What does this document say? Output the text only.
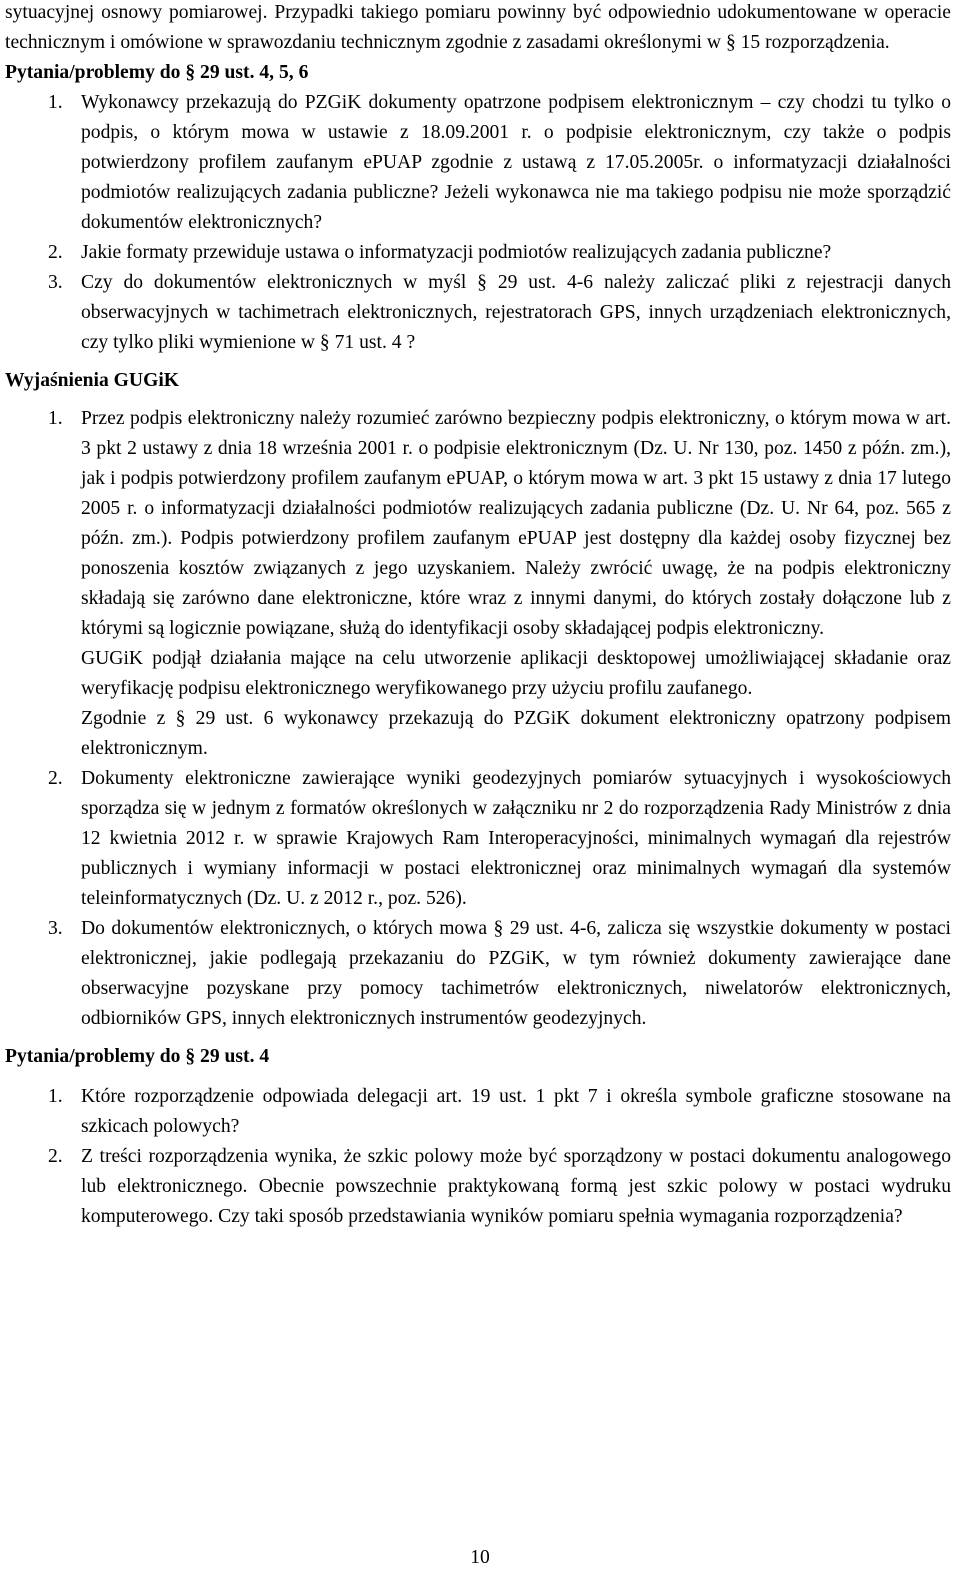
sytuacyjnej osnowy pomiarowej. Przypadki takiego pomiaru powinny być odpowiednio udokumentowane w operacie technicznym i omówione w sprawozdaniu technicznym zgodnie z zasadami określonymi w § 15 rozporządzenia.

Pytania/problemy do § 29 ust. 4, 5, 6

1. Wykonawcy przekazują do PZGiK dokumenty opatrzone podpisem elektronicznym – czy chodzi tu tylko o podpis, o którym mowa w ustawie z 18.09.2001 r. o podpisie elektronicznym, czy także o podpis potwierdzony profilem zaufanym ePUAP zgodnie z ustawą z 17.05.2005r. o informatyzacji działalności podmiotów realizujących zadania publiczne? Jeżeli wykonawca nie ma takiego podpisu nie może sporządzić dokumentów elektronicznych?
2. Jakie formaty przewiduje ustawa o informatyzacji podmiotów realizujących zadania publiczne?
3. Czy do dokumentów elektronicznych w myśl § 29 ust. 4-6 należy zaliczać pliki z rejestracji danych obserwacyjnych w tachimetrach elektronicznych, rejestratorach GPS, innych urządzeniach elektronicznych, czy tylko pliki wymienione w § 71 ust. 4 ?

Wyjaśnienia GUGiK

1. Przez podpis elektroniczny należy rozumieć zarówno bezpieczny podpis elektroniczny, o którym mowa w art. 3 pkt 2 ustawy z dnia 18 września 2001 r. o podpisie elektronicznym (Dz. U. Nr 130, poz. 1450 z późn. zm.), jak i podpis potwierdzony profilem zaufanym ePUAP, o którym mowa w art. 3 pkt 15 ustawy z dnia 17 lutego 2005 r. o informatyzacji działalności podmiotów realizujących zadania publiczne (Dz. U. Nr 64, poz. 565 z późn. zm.). Podpis potwierdzony profilem zaufanym ePUAP jest dostępny dla każdej osoby fizycznej bez ponoszenia kosztów związanych z jego uzyskaniem. Należy zwrócić uwagę, że na podpis elektroniczny składają się zarówno dane elektroniczne, które wraz z innymi danymi, do których zostały dołączone lub z którymi są logicznie powiązane, służą do identyfikacji osoby składającej podpis elektroniczny.

GUGiK podjął działania mające na celu utworzenie aplikacji desktopowej umożliwiającej składanie oraz weryfikację podpisu elektronicznego weryfikowanego przy użyciu profilu zaufanego.

Zgodnie z § 29 ust. 6 wykonawcy przekazują do PZGiK dokument elektroniczny opatrzony podpisem elektronicznym.

2. Dokumenty elektroniczne zawierające wyniki geodezyjnych pomiarów sytuacyjnych i wysokościowych sporządza się w jednym z formatów określonych w załączniku nr 2 do rozporządzenia Rady Ministrów z dnia 12 kwietnia 2012 r. w sprawie Krajowych Ram Interoperacyjności, minimalnych wymagań dla rejestrów publicznych i wymiany informacji w postaci elektronicznej oraz minimalnych wymagań dla systemów teleinformatycznych (Dz. U. z 2012 r., poz. 526).
3. Do dokumentów elektronicznych, o których mowa § 29 ust. 4-6, zalicza się wszystkie dokumenty w postaci elektronicznej, jakie podlegają przekazaniu do PZGiK, w tym również dokumenty zawierające dane obserwacyjne pozyskane przy pomocy tachimetrów elektronicznych, niwelatorów elektronicznych, odbiorników GPS, innych elektronicznych instrumentów geodezyjnych.

Pytania/problemy do § 29 ust. 4

1. Które rozporządzenie odpowiada delegacji art. 19 ust. 1 pkt 7 i określa symbole graficzne stosowane na szkicach polowych?
2. Z treści rozporządzenia wynika, że szkic polowy może być sporządzony w postaci dokumentu analogowego lub elektronicznego. Obecnie powszechnie praktykowaną formą jest szkic polowy w postaci wydruku komputerowego. Czy taki sposób przedstawiania wyników pomiaru spełnia wymagania rozporządzenia?
10
